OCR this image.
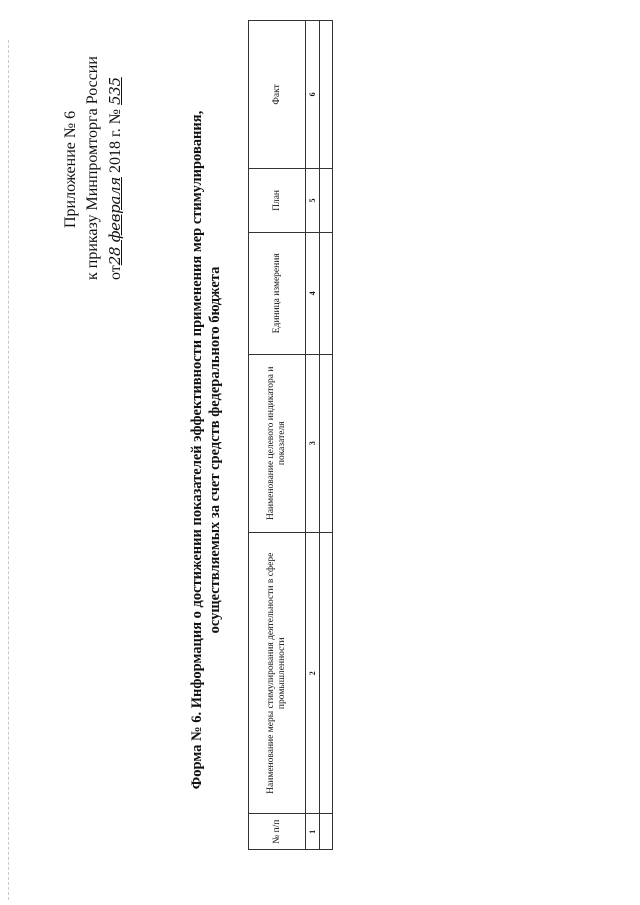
Приложение № 6 к приказу Минпромторга России от28 февраля 2018 г. № 535
Форма № 6. Информация о достижении показателей эффективности применения мер стимулирования, осуществляемых за счет средств федерального бюджета
№ п/п	Наименование меры стимулирования деятельности в сфере промышленности	Наименование целевого индикатора и показателя	Единица измерения	План	Факт
1	2	3	4	5	6
